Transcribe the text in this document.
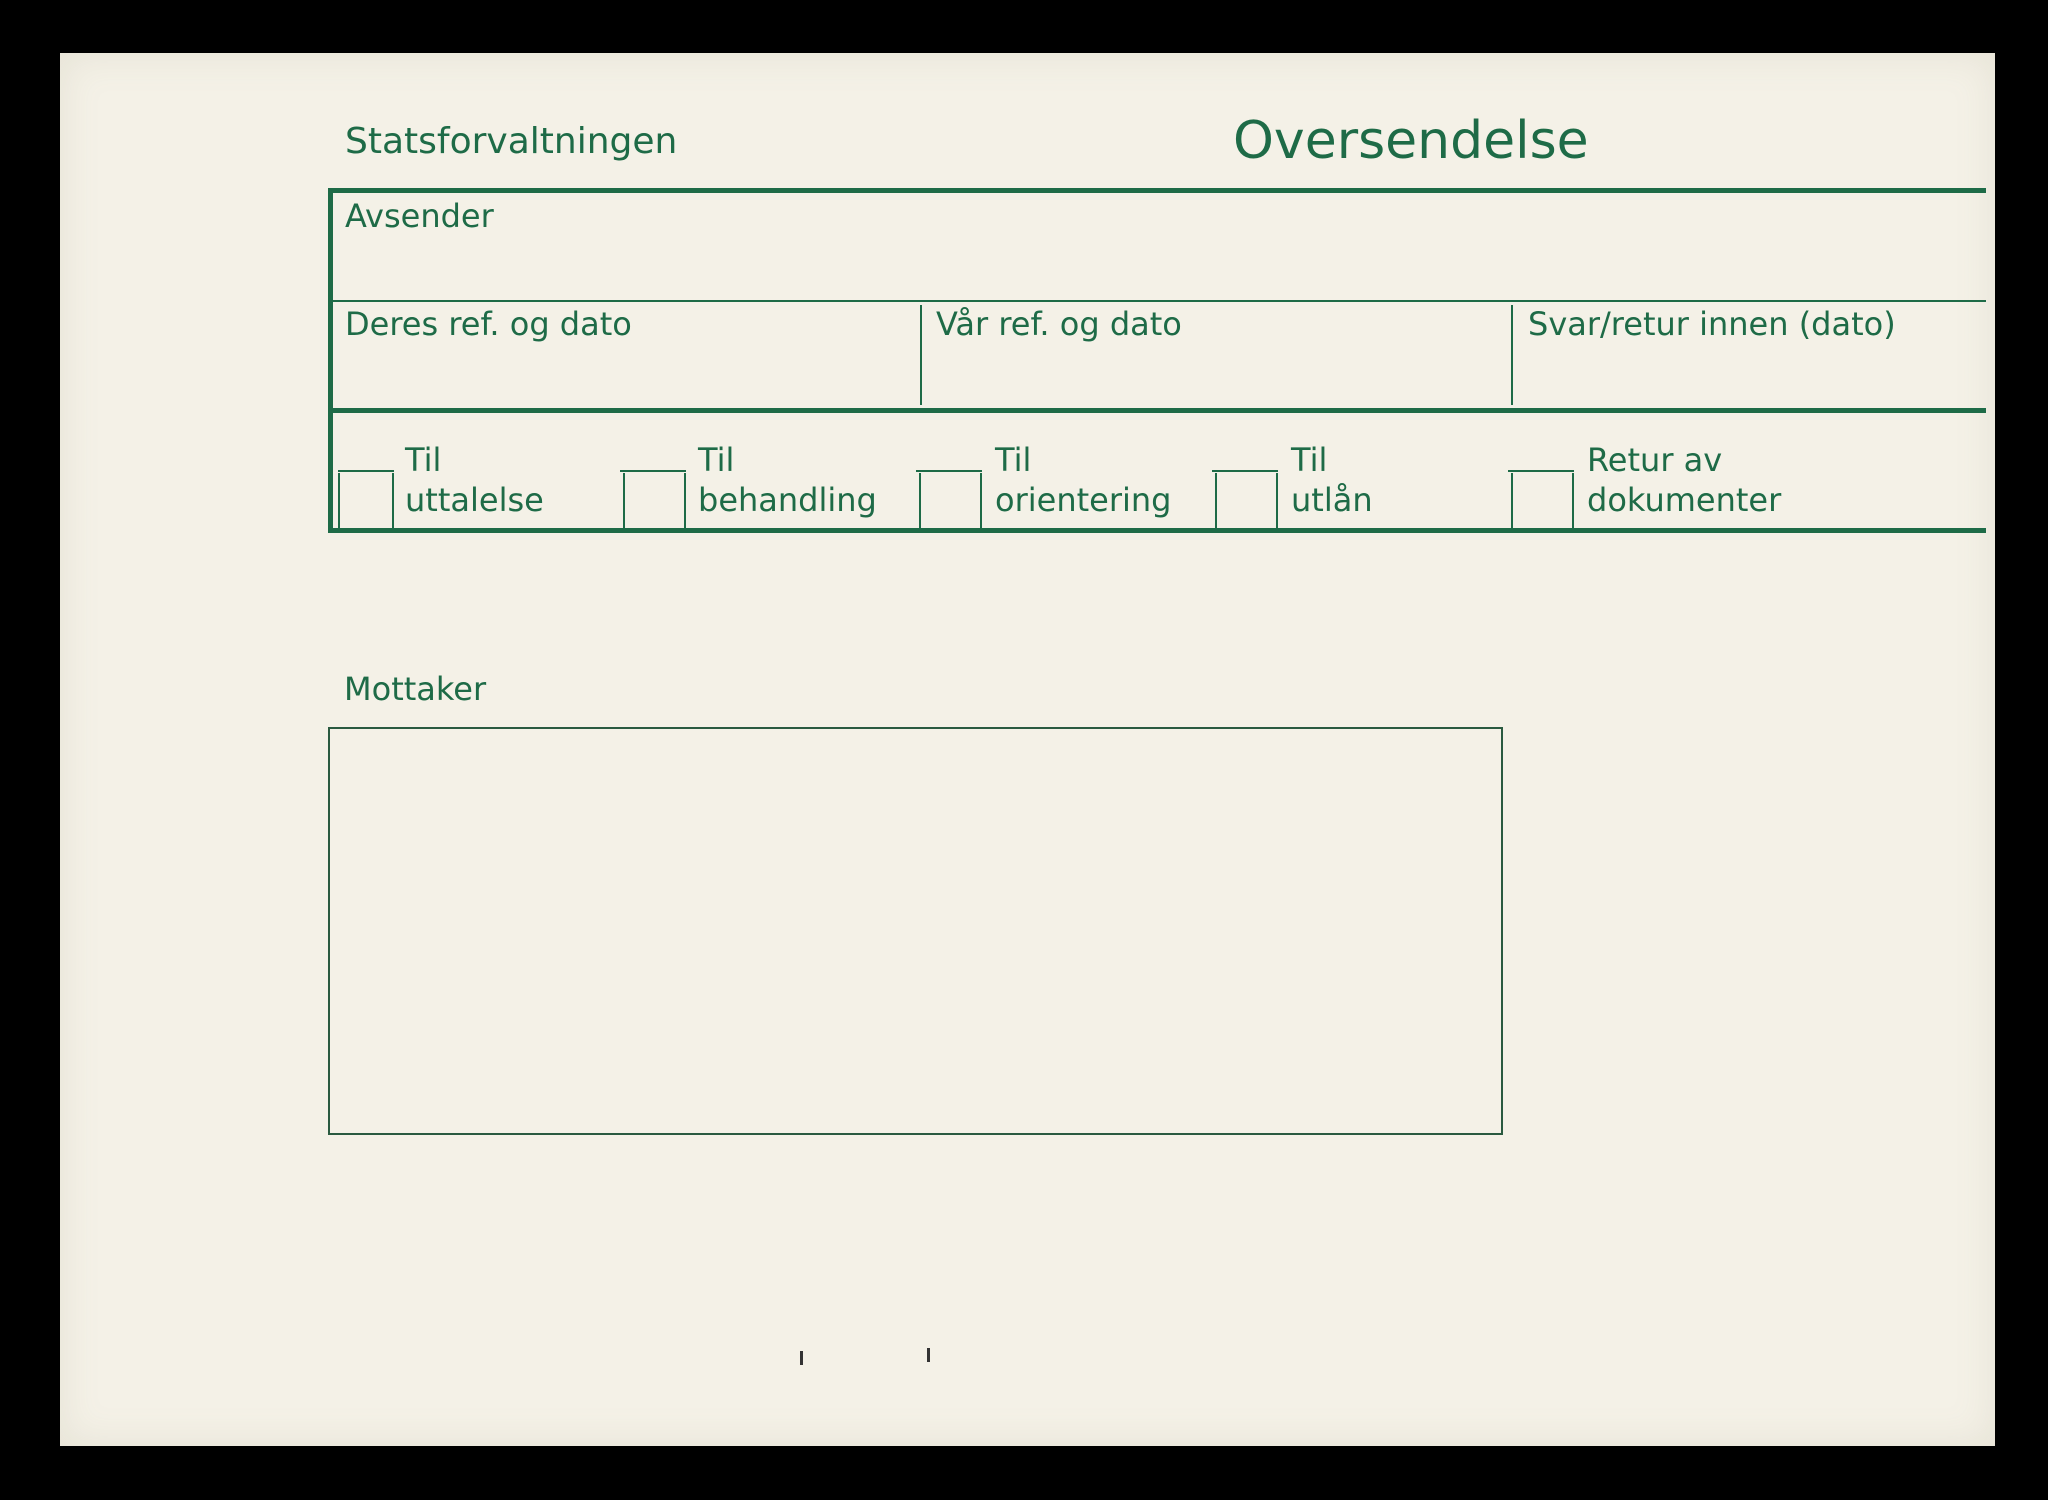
Statsforvaltningen	Oversendelse
Avsender
Deres ref. og dato	Vår ref. og dato	Svar/retur innen (dato)
Til
uttalelse
Til
behandling
Til
orientering
Til
utlån
Retur av
dokumenter
Mottaker
